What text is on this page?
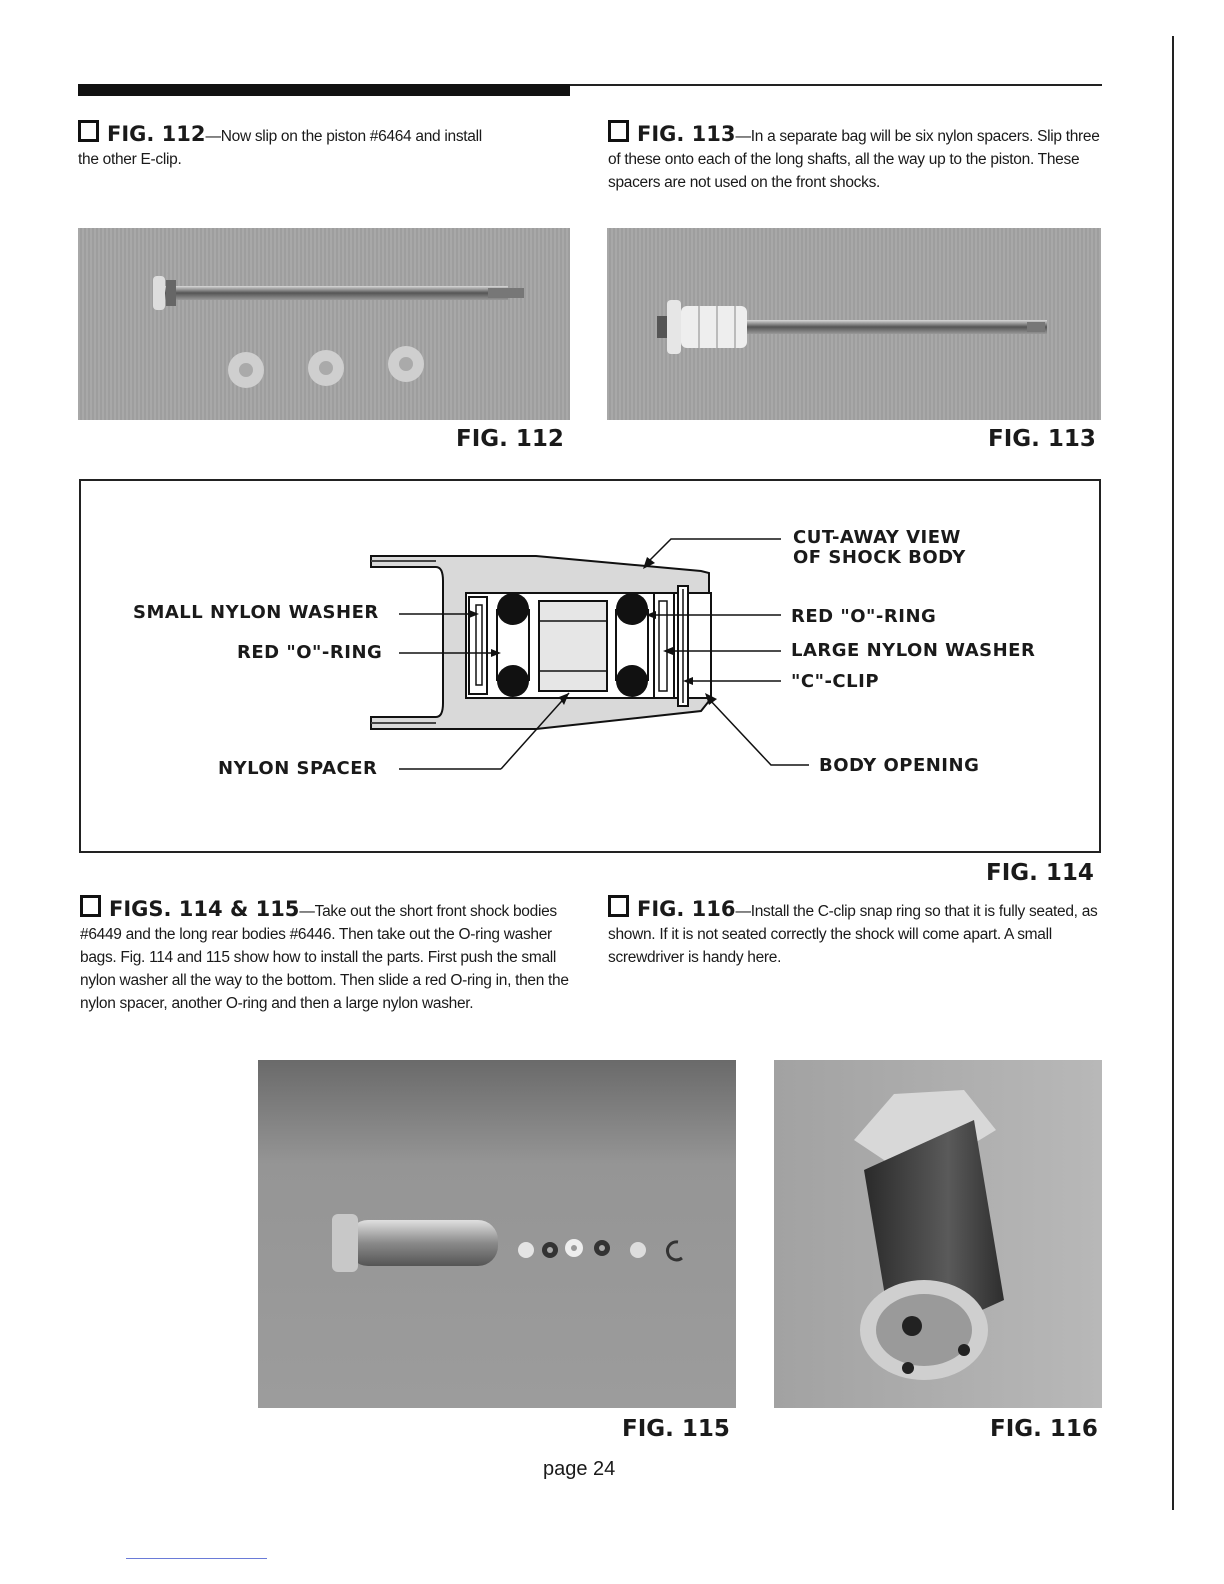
FIG. 112—Now slip on the piston #6464 and install
the other E-clip.
FIG. 113—In a separate bag will be six nylon spacers. Slip three of these onto each of the long shafts, all the way up to the piston. These spacers are not used on the front shocks.
FIG. 112	FIG. 113
CUT-AWAY VIEW
OF SHOCK BODY
SMALL NYLON WASHER
RED "O"-RING
NYLON SPACER
RED "O"-RING
LARGE NYLON WASHER
"C"-CLIP
BODY OPENING
FIG. 114
FIGS. 114 & 115—Take out the short front shock bodies #6449 and the long rear bodies #6446. Then take out the O-ring washer bags. Fig. 114 and 115 show how to install the parts. First push the small nylon washer all the way to the bottom. Then slide a red O-ring in, then the nylon spacer, another O-ring and then a large nylon washer.
FIG. 116—Install the C-clip snap ring so that it is fully seated, as shown. If it is not seated correctly the shock will come apart. A small screwdriver is handy here.
FIG. 115	FIG. 116
page 24
